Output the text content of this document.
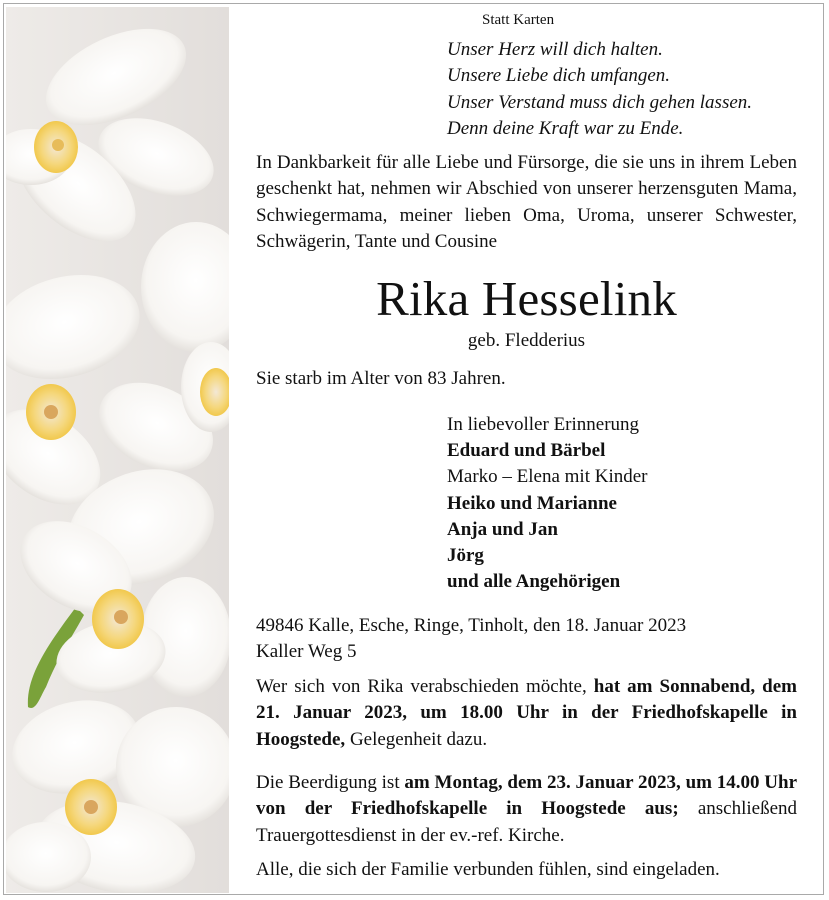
Statt Karten
Unser Herz will dich halten.
Unsere Liebe dich umfangen.
Unser Verstand muss dich gehen lassen.
Denn deine Kraft war zu Ende.
In Dankbarkeit für alle Liebe und Fürsorge, die sie uns in ihrem Leben geschenkt hat, nehmen wir Abschied von unserer herzensguten Mama, Schwiegermama, meiner lieben Oma, Uroma, unserer Schwester, Schwägerin, Tante und Cousine
Rika Hesselink
geb. Fledderius
Sie starb im Alter von 83 Jahren.
In liebevoller Erinnerung
Eduard und Bärbel
Marko – Elena mit Kinder
Heiko und Marianne
Anja und Jan
Jörg
und alle Angehörigen
49846 Kalle, Esche, Ringe, Tinholt, den 18. Januar 2023
Kaller Weg 5
Wer sich von Rika verabschieden möchte, hat am Sonnabend, dem 21. Januar 2023, um 18.00 Uhr in der Friedhofskapelle in Hoogstede, Gelegenheit dazu.
Die Beerdigung ist am Montag, dem 23. Januar 2023, um 14.00 Uhr von der Friedhofskapelle in Hoogstede aus; anschließend Trauergottesdienst in der ev.-ref. Kirche.
Alle, die sich der Familie verbunden fühlen, sind eingeladen.
